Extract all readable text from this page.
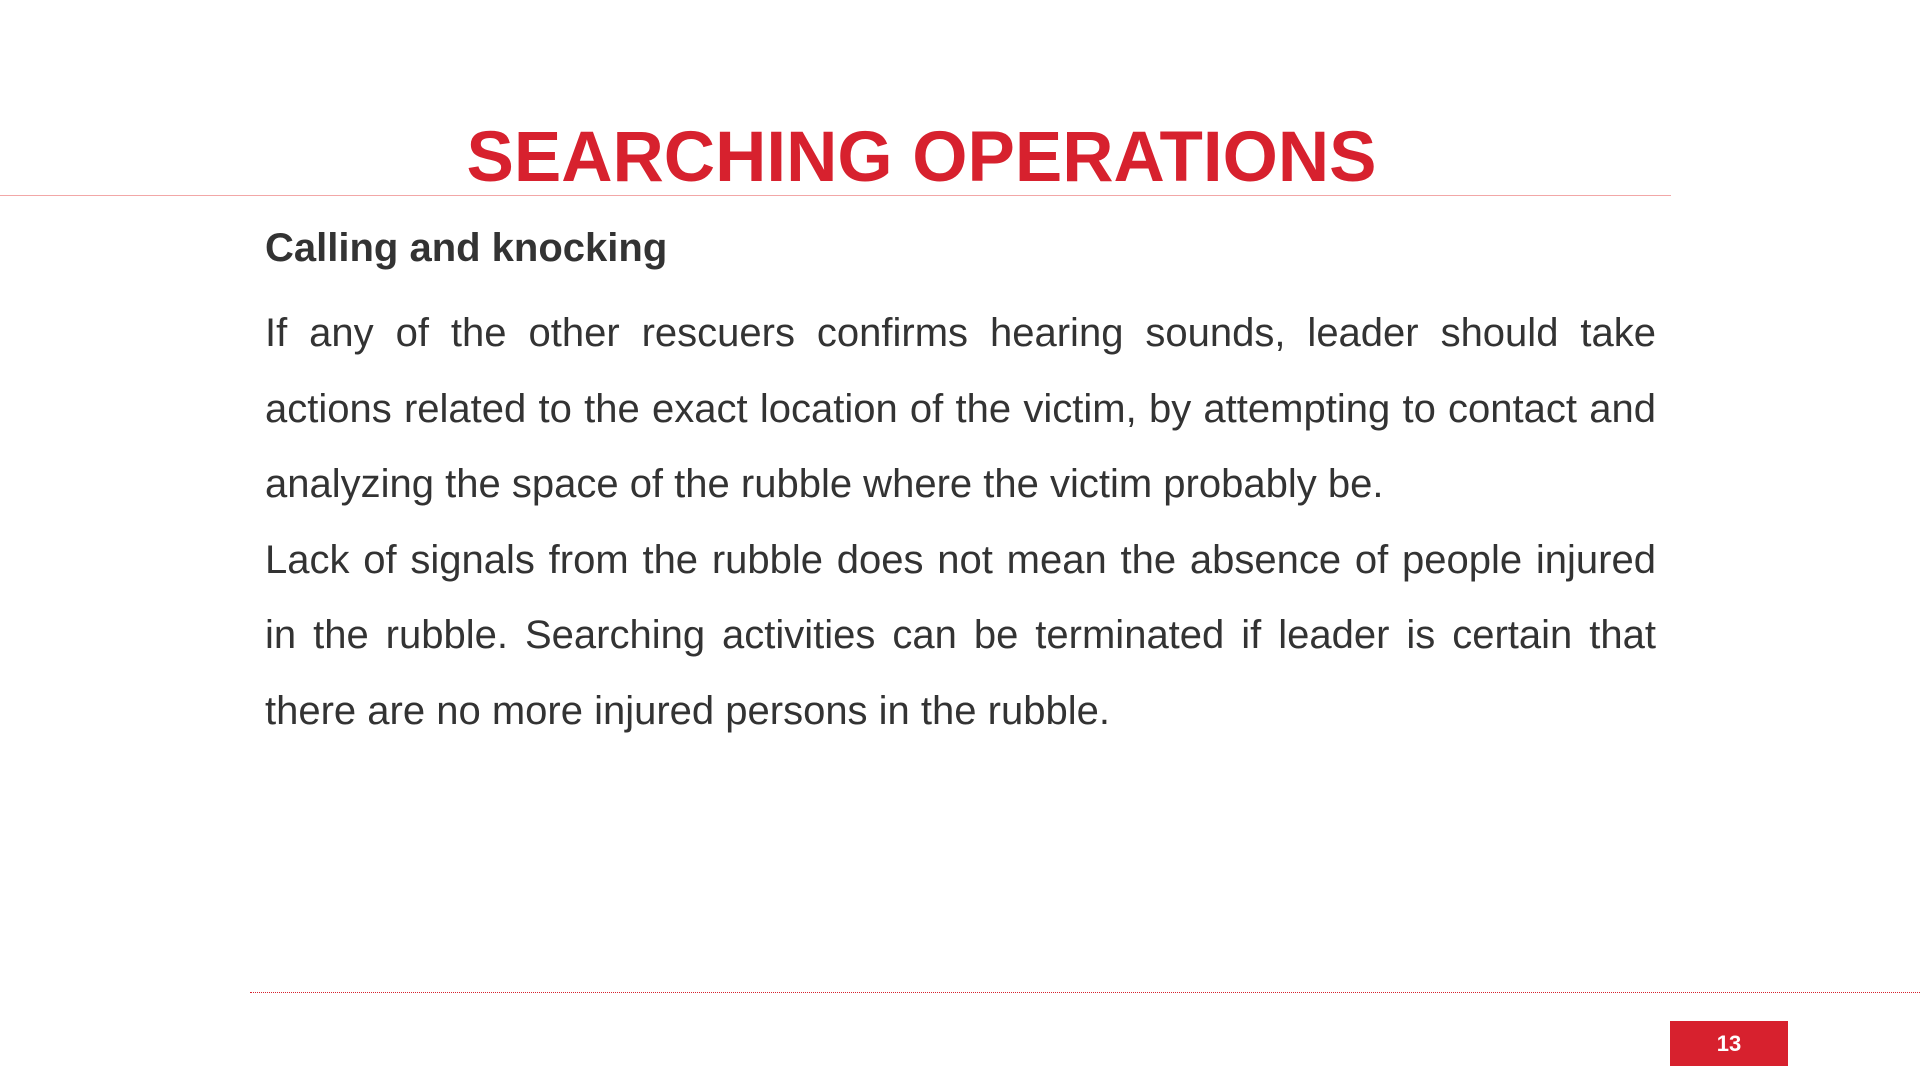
SEARCHING OPERATIONS
Calling and knocking

If any of the other rescuers confirms hearing sounds, leader should take actions related to the exact location of the victim, by attempting to contact and analyzing the space of the rubble where the victim probably be.

Lack of signals from the rubble does not mean the absence of people injured in the rubble. Searching activities can be terminated if leader is certain that there are no more injured persons in the rubble.

13
